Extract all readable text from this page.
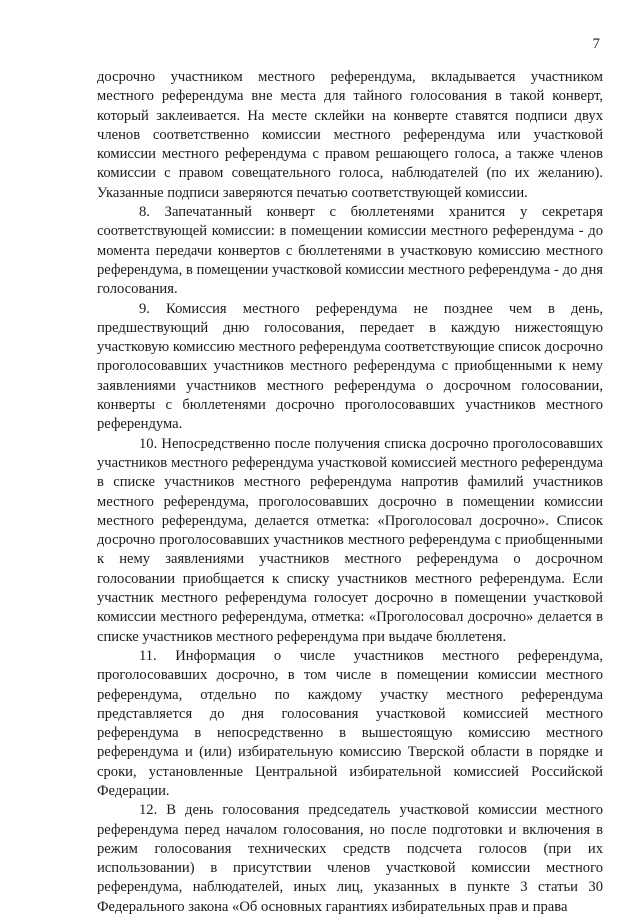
7

досрочно участником местного референдума, вкладывается участником местного референдума вне места для тайного голосования в такой конверт, который заклеивается. На месте склейки на конверте ставятся подписи двух членов соответственно комиссии местного референдума или участковой комиссии местного референдума с правом решающего голоса, а также членов комиссии с правом совещательного голоса, наблюдателей (по их желанию). Указанные подписи заверяются печатью соответствующей комиссии.

8. Запечатанный конверт с бюллетенями хранится у секретаря соответствующей комиссии: в помещении комиссии местного референдума - до момента передачи конвертов с бюллетенями в участковую комиссию местного референдума, в помещении участковой комиссии местного референдума - до дня голосования.

9. Комиссия местного референдума не позднее чем в день, предшествующий дню голосования, передает в каждую нижестоящую участковую комиссию местного референдума соответствующие список досрочно проголосовавших участников местного референдума с приобщенными к нему заявлениями участников местного референдума о досрочном голосовании, конверты с бюллетенями досрочно проголосовавших участников местного референдума.

10. Непосредственно после получения списка досрочно проголосовавших участников местного референдума участковой комиссией местного референдума в списке участников местного референдума напротив фамилий участников местного референдума, проголосовавших досрочно в помещении комиссии местного референдума, делается отметка: «Проголосовал досрочно». Список досрочно проголосовавших участников местного референдума с приобщенными к нему заявлениями участников местного референдума о досрочном голосовании приобщается к списку участников местного референдума. Если участник местного референдума голосует досрочно в помещении участковой комиссии местного референдума, отметка: «Проголосовал досрочно» делается в списке участников местного референдума при выдаче бюллетеня.

11. Информация о числе участников местного референдума, проголосовавших досрочно, в том числе в помещении комиссии местного референдума, отдельно по каждому участку местного референдума представляется до дня голосования участковой комиссией местного референдума в непосредственно в вышестоящую комиссию местного референдума и (или) избирательную комиссию Тверской области в порядке и сроки, установленные Центральной избирательной комиссией Российской Федерации.

12. В день голосования председатель участковой комиссии местного референдума перед началом голосования, но после подготовки и включения в режим голосования технических средств подсчета голосов (при их использовании) в присутствии членов участковой комиссии местного референдума, наблюдателей, иных лиц, указанных в пункте 3 статьи 30 Федерального закона «Об основных гарантиях избирательных прав и права
